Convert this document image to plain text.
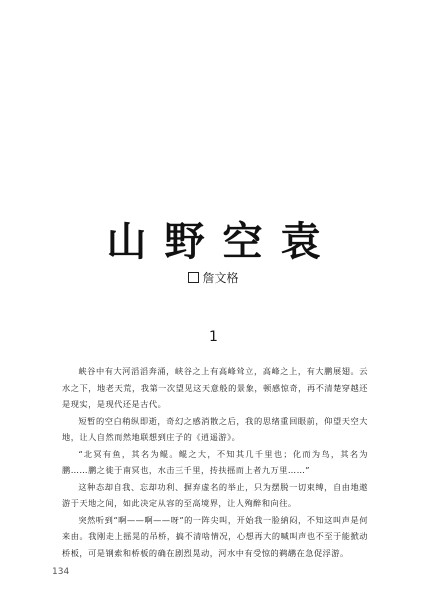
山野空袁
詹文格
1

峡谷中有大河滔滔奔涌，峡谷之上有高峰耸立，高峰之上，有大鹏展翅。云水之下，地老天荒，我第一次望见这天意般的景象，顿感惊奇，再不清楚穿越还是现实，是现代还是古代。

短暂的空白稍纵即逝，奇幻之感消散之后，我的思绪重回眼前，仰望天空大地，让人自然而然地联想到庄子的《逍遥游》。

“北冥有鱼，其名为鲲。鲲之大，不知其几千里也；化而为鸟，其名为鹏……鹏之徙于南冥也，水击三千里，抟扶摇而上者九万里……”

这种态却自我、忘却功利、摒弃虚名的举止，只为摆脱一切束缚，自由地遨游于天地之间，如此决定从容的至高境界，让人殉醉和向往。

突然听到“啊——啊——呀”的一阵尖叫，开始我一脸納闷，不知这叫声是何来由。我刚走上摇晃的吊桥，搞不清啥情况，心想再大的喊叫声也不至于能掀动桥板，可是钢索和桥板的确在剧烈晃动，河水中有受惊的鹈鹕在急促浮游。

134
